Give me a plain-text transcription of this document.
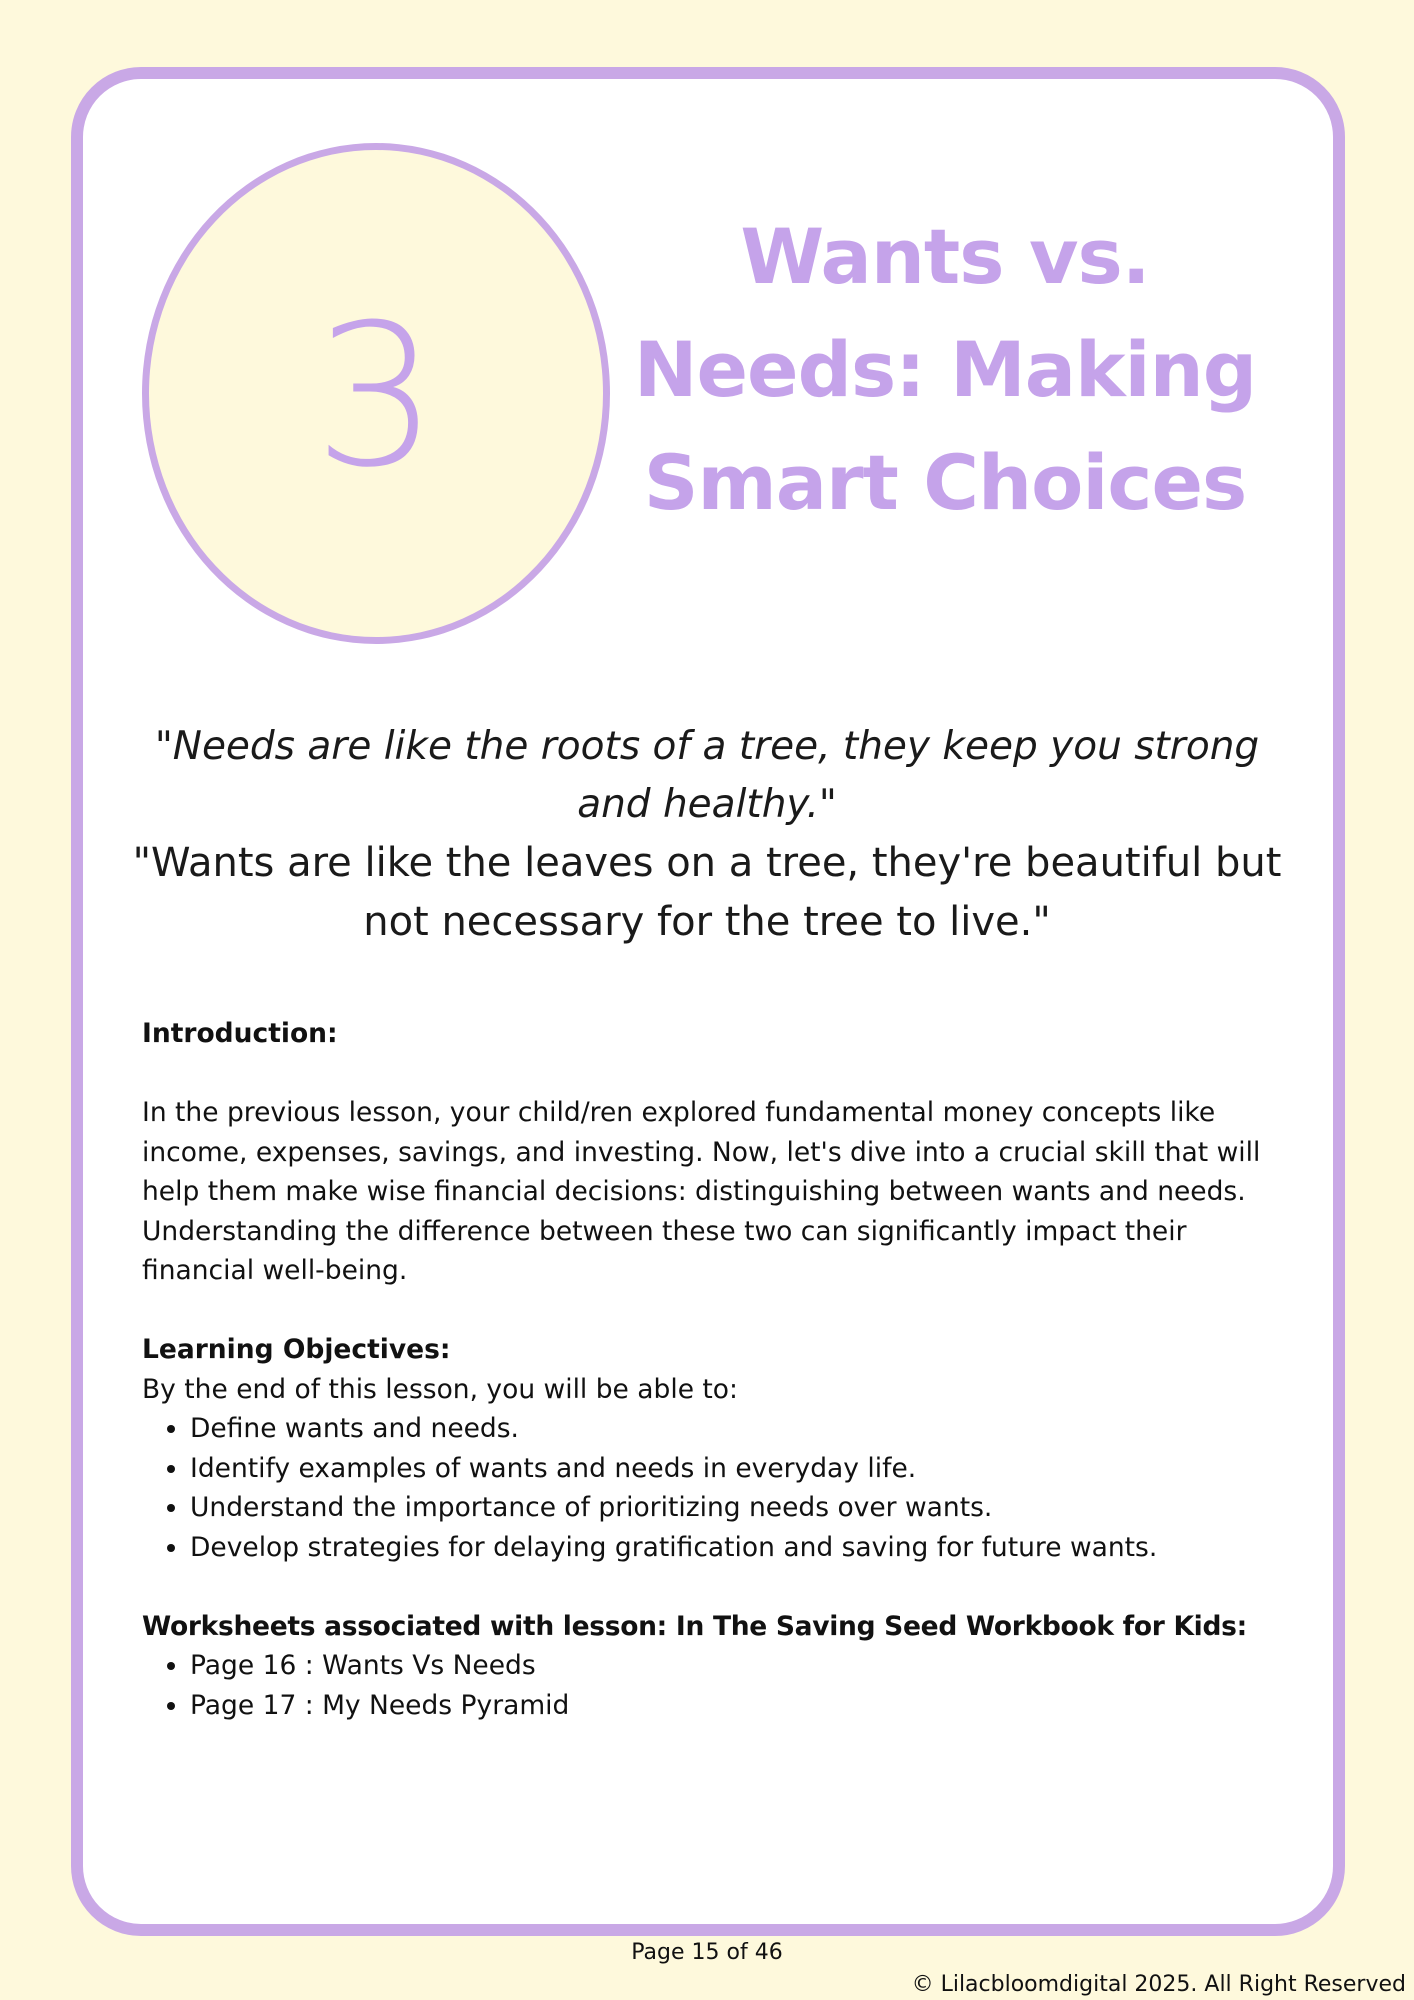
3
Wants vs. Needs: Making Smart Choices

"Needs are like the roots of a tree, they keep you strong and healthy."

"Wants are like the leaves on a tree, they're beautiful but not necessary for the tree to live."

Introduction:

In the previous lesson, your child/ren explored fundamental money concepts like income, expenses, savings, and investing. Now, let's dive into a crucial skill that will help them make wise financial decisions: distinguishing between wants and needs. Understanding the difference between these two can significantly impact their financial well-being.

Learning Objectives:

By the end of this lesson, you will be able to:

• Define wants and needs.
• Identify examples of wants and needs in everyday life.
• Understand the importance of prioritizing needs over wants.
• Develop strategies for delaying gratification and saving for future wants.
Worksheets associated with lesson: In The Saving Seed Workbook for Kids:
• Page 16 : Wants Vs Needs
• Page 17 : My Needs Pyramid
Page 15 of 46
© Lilacbloomdigital 2025. All Right Reserved
